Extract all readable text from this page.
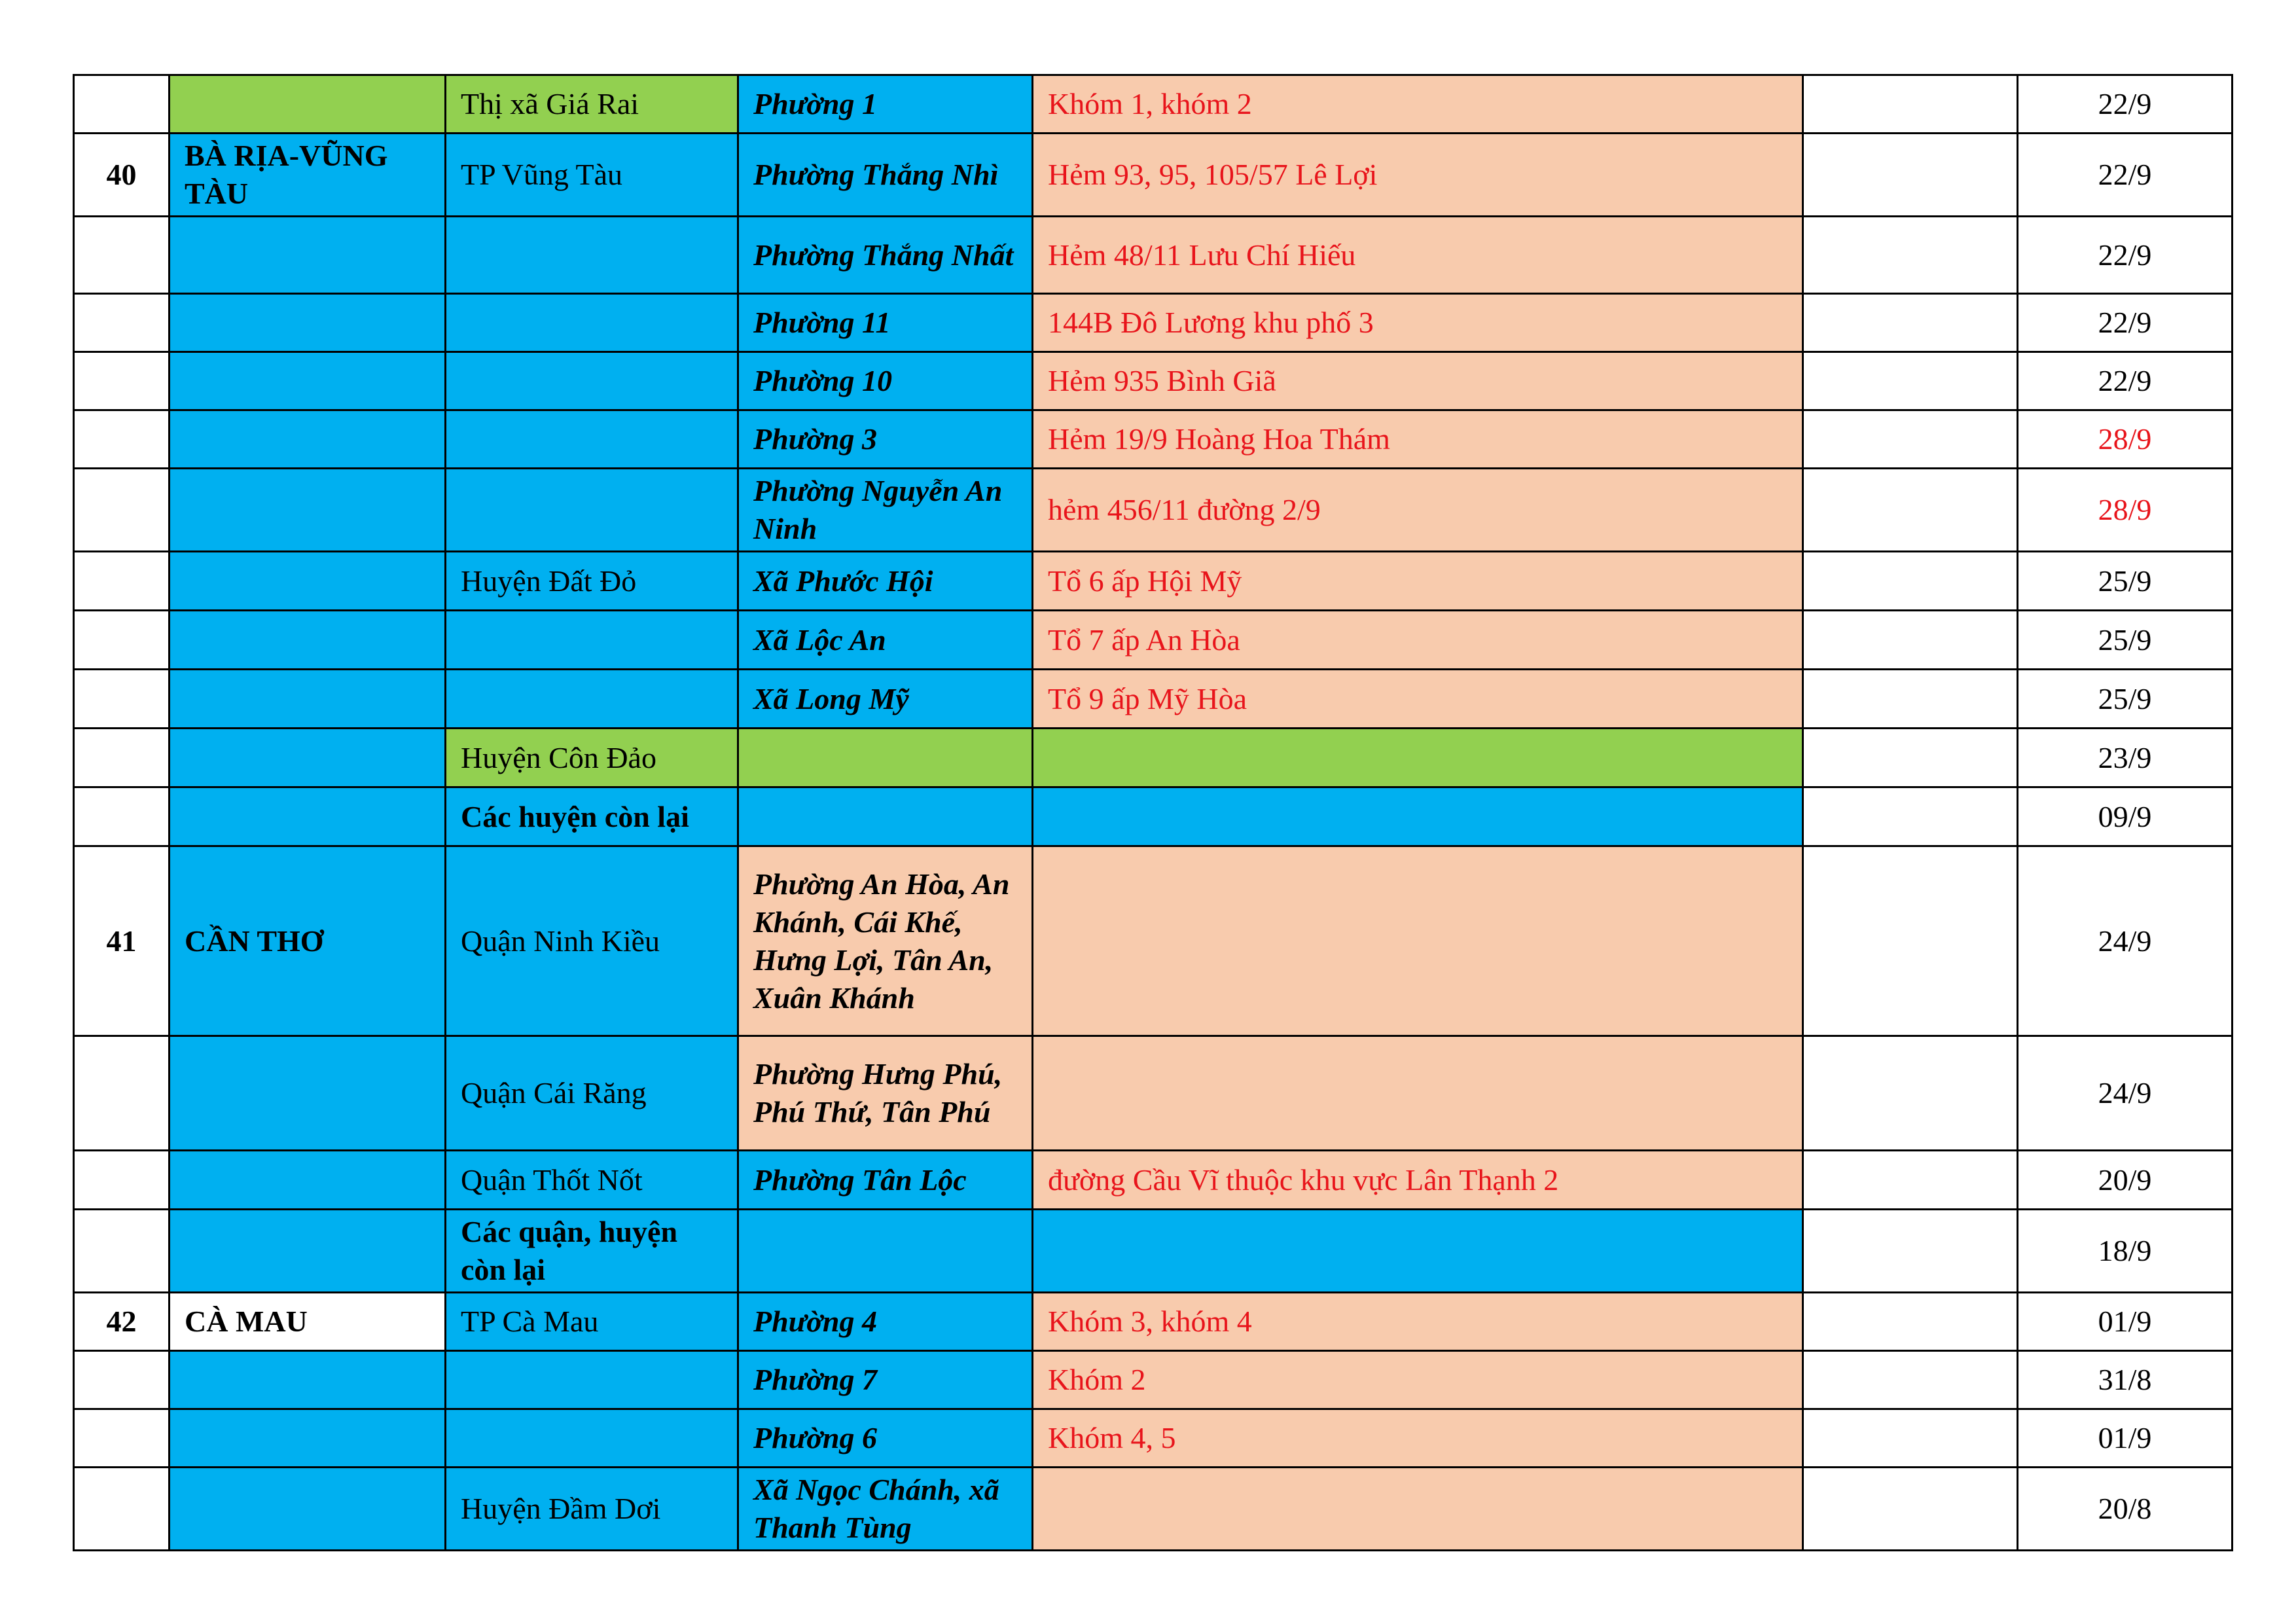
		Thị xã Giá Rai	Phường 1	Khóm 1, khóm 2		22/9
40	BÀ RỊA-VŨNG TÀU	TP Vũng Tàu	Phường Thắng Nhì	Hẻm 93, 95, 105/57 Lê Lợi		22/9
			Phường Thắng Nhất	Hẻm 48/11 Lưu Chí Hiếu		22/9
			Phường 11	144B Đô Lương khu phố 3		22/9
			Phường 10	Hẻm 935 Bình Giã		22/9
			Phường 3	Hẻm 19/9 Hoàng Hoa Thám		28/9
			Phường Nguyễn An Ninh	hẻm 456/11 đường 2/9		28/9
		Huyện Đất Đỏ	Xã Phước Hội	Tổ 6 ấp Hội Mỹ		25/9
			Xã Lộc An	Tổ 7 ấp An Hòa		25/9
			Xã Long Mỹ	Tổ 9 ấp Mỹ Hòa		25/9
		Huyện Côn Đảo				23/9
		Các huyện còn lại				09/9
41	CẦN THƠ	Quận Ninh Kiều	Phường An Hòa, An Khánh, Cái Khế, Hưng Lợi, Tân An, Xuân Khánh			24/9
		Quận Cái Răng	Phường Hưng Phú, Phú Thứ, Tân Phú			24/9
		Quận Thốt Nốt	Phường Tân Lộc	đường Cầu Vĩ thuộc khu vực Lân Thạnh 2		20/9
		Các quận, huyện còn lại				18/9
42	CÀ MAU	TP Cà Mau	Phường 4	Khóm 3, khóm 4		01/9
			Phường 7	Khóm 2		31/8
			Phường 6	Khóm 4, 5		01/9
		Huyện Đầm Dơi	Xã Ngọc Chánh, xã Thanh Tùng			20/8
